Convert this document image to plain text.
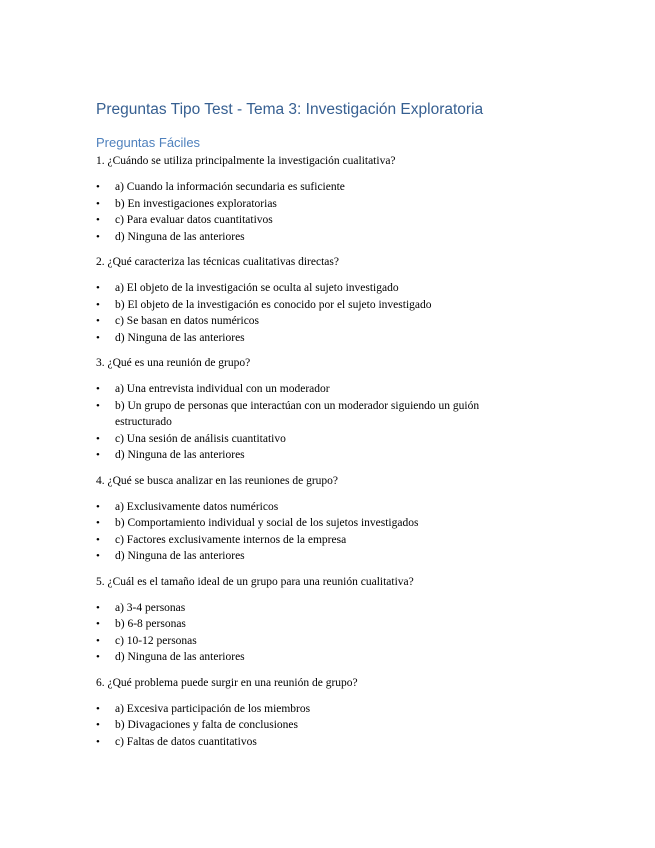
Preguntas Tipo Test - Tema 3: Investigación Exploratoria
Preguntas Fáciles

1. ¿Cuándo se utiliza principalmente la investigación cualitativa?

• a) Cuando la información secundaria es suficiente
• b) En investigaciones exploratorias
• c) Para evaluar datos cuantitativos
• d) Ninguna de las anteriores

2. ¿Qué caracteriza las técnicas cualitativas directas?

• a) El objeto de la investigación se oculta al sujeto investigado
• b) El objeto de la investigación es conocido por el sujeto investigado
• c) Se basan en datos numéricos
• d) Ninguna de las anteriores

3. ¿Qué es una reunión de grupo?

• a) Una entrevista individual con un moderador
• b) Un grupo de personas que interactúan con un moderador siguiendo un guión estructurado
• c) Una sesión de análisis cuantitativo
• d) Ninguna de las anteriores

4. ¿Qué se busca analizar en las reuniones de grupo?

• a) Exclusivamente datos numéricos
• b) Comportamiento individual y social de los sujetos investigados
• c) Factores exclusivamente internos de la empresa
• d) Ninguna de las anteriores

5. ¿Cuál es el tamaño ideal de un grupo para una reunión cualitativa?

• a) 3-4 personas
• b) 6-8 personas
• c) 10-12 personas
• d) Ninguna de las anteriores

6. ¿Qué problema puede surgir en una reunión de grupo?

• a) Excesiva participación de los miembros
• b) Divagaciones y falta de conclusiones
• c) Faltas de datos cuantitativos
